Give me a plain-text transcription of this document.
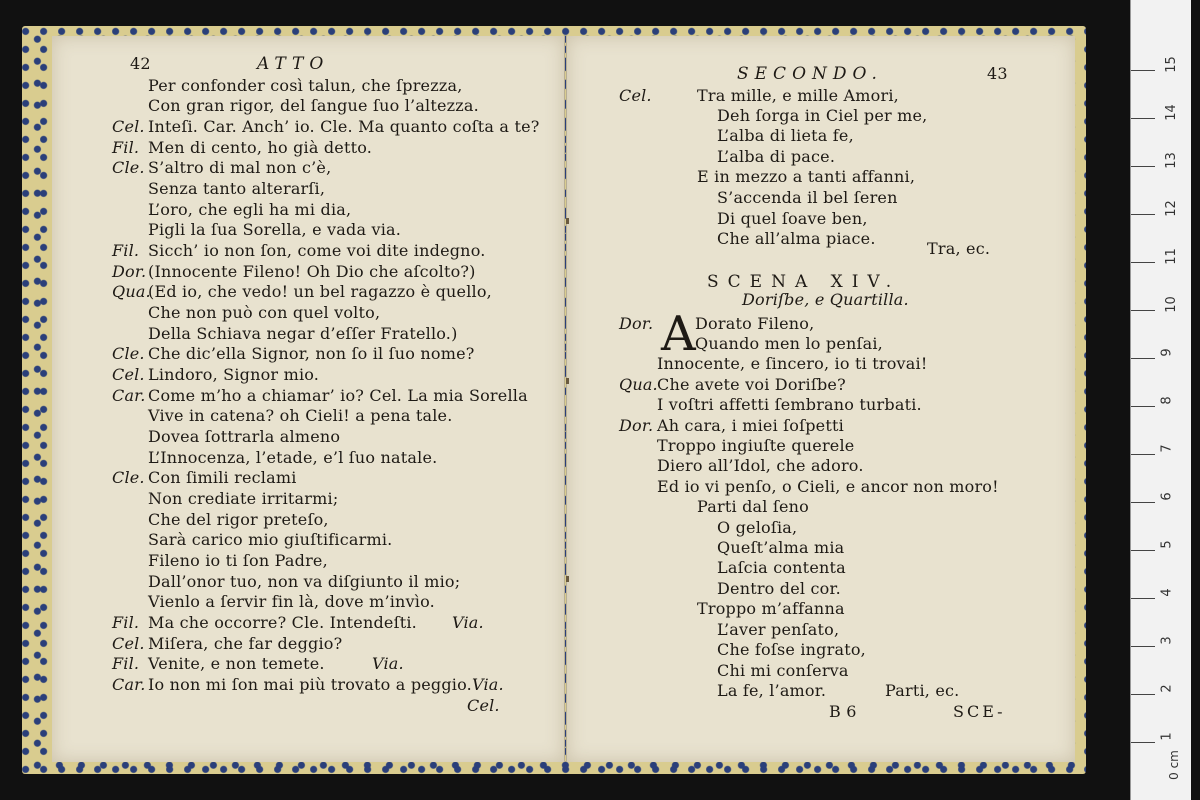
42	ATTO
Per confonder così talun, che ſprezza,
Con gran rigor, del ſangue ſuo l’altezza.
Cel. Inteſi. Car. Anch’ io. Cle. Ma quanto coſta a te?
Fil. Men di cento, ho già detto.
Cle. S’altro di mal non c’è,
Senza tanto alterarſi,
L’oro, che egli ha mi dia,
Pigli la ſua Sorella, e vada via.
Fil. Sicch’ io non ſon, come voi dite indegno.
Dor. (Innocente Fileno! Oh Dio che aſcolto?)
Qua.
(Ed io, che vedo! un bel ragazzo è quello,
Che non può con quel volto,
Della Schiava negar d’eſſer Fratello.)
Cle. Che dic’ella Signor, non ſo il ſuo nome?
Cel. Lindoro, Signor mio.
Car. Come m’ho a chiamar’ io? Cel. La mia Sorella
Vive in catena? oh Cieli! a pena tale.
Dovea ſottrarla almeno
L’Innocenza, l’etade, e’l ſuo natale.
Cle. Con ſimili reclami
Non crediate irritarmi;
Che del rigor preteſo,
Sarà carico mio giuſtificarmi.
Fileno io ti ſon Padre,
Dall’onor tuo, non va diſgiunto il mio;
Vienlo a ſervir fin là, dove m’invìo.
Fil. Ma che occorre? Cle. Intendeſti. Via.
Cel. Miſera, che far deggio?
Fil. Venite, e non temete.	Via.
Car. Io non mi ſon mai più trovato a peggio. Via.
Cel.
SECONDO.	43
Cel.	Tra mille, e mille Amori,
Deh ſorga in Ciel per me,
L’alba di lieta fe,
L’alba di pace.
E in mezzo a tanti affanni,
S’accenda il bel ſeren
Di quel ſoave ben,
Che all’alma piace.
Tra, ec.
SCENA XIV.
Doriſbe, e Quartilla.
Dor. A Dorato Fileno,
Quando men lo penſai,
Innocente, e ſincero, io ti trovai!
Qua. Che avete voi Doriſbe?
I voſtri affetti ſembrano turbati.
Dor. Ah cara, i miei ſoſpetti
Troppo ingiuſte querele
Diero all’Idol, che adoro.
Ed io vi penſo, o Cieli, e ancor non moro!
Parti dal ſeno
O geloſia,
Queſt’alma mia
Laſcia contenta
Dentro del cor.
Troppo m’affanna
L’aver penſato,
Che foſse ingrato,
Chi mi conſerva
La fe, l’amor.	Parti, ec.
B 6	SCE-
0 cm
1
2
3
4
5
6
7
8
9
10
11
12
13
14
15
